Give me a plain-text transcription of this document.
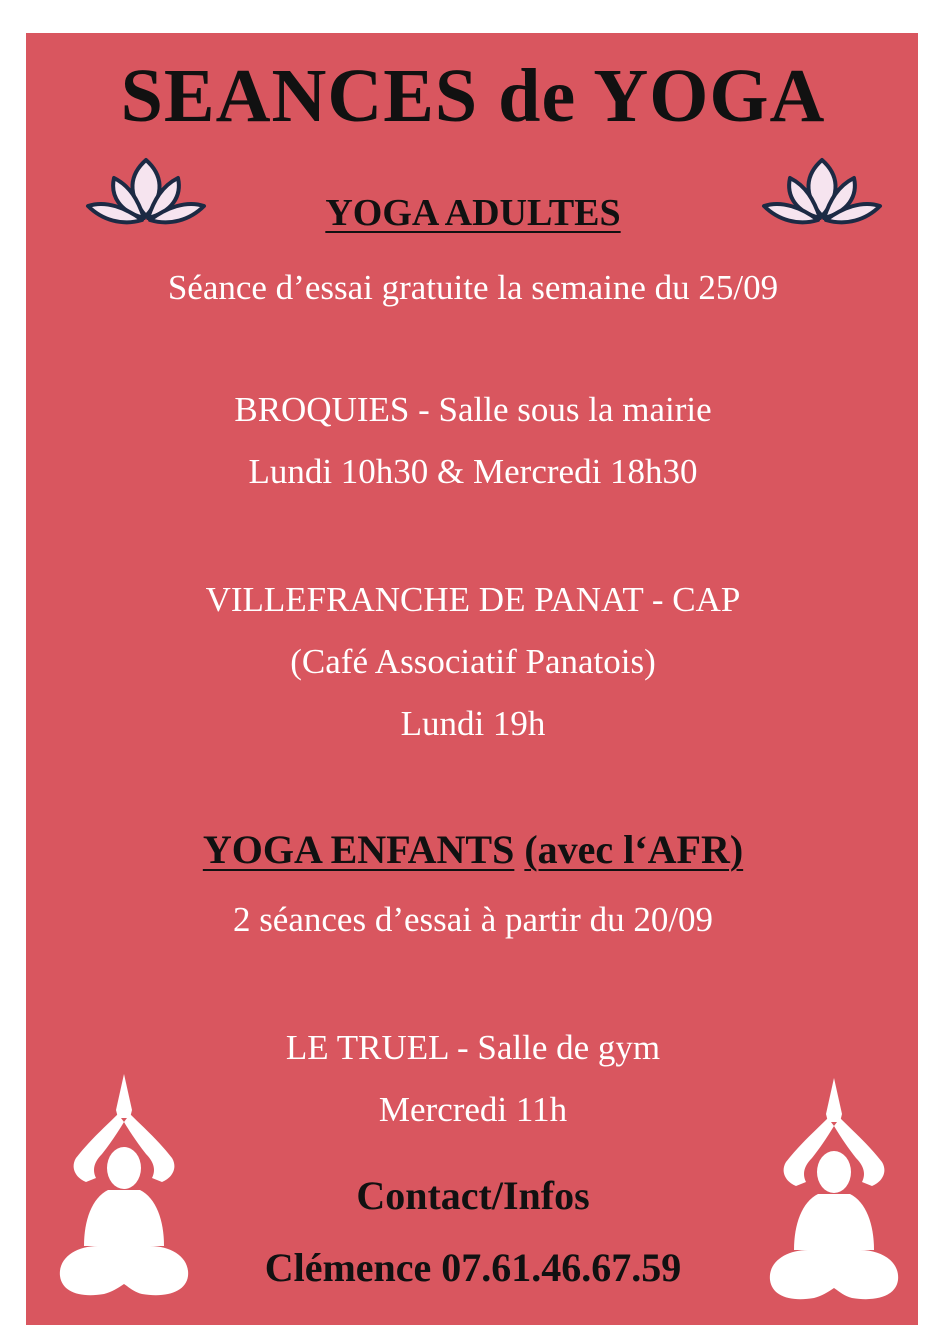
SEANCES de YOGA
YOGA ADULTES
Séance d’essai gratuite la semaine du 25/09
BROQUIES - Salle sous la mairie
Lundi 10h30 & Mercredi 18h30
VILLEFRANCHE DE PANAT - CAP
(Café Associatif Panatois)
Lundi 19h
YOGA ENFANTS (avec l‘AFR)
2 séances d’essai à partir du 20/09
LE TRUEL - Salle de gym
Mercredi 11h
Contact/Infos
Clémence 07.61.46.67.59
